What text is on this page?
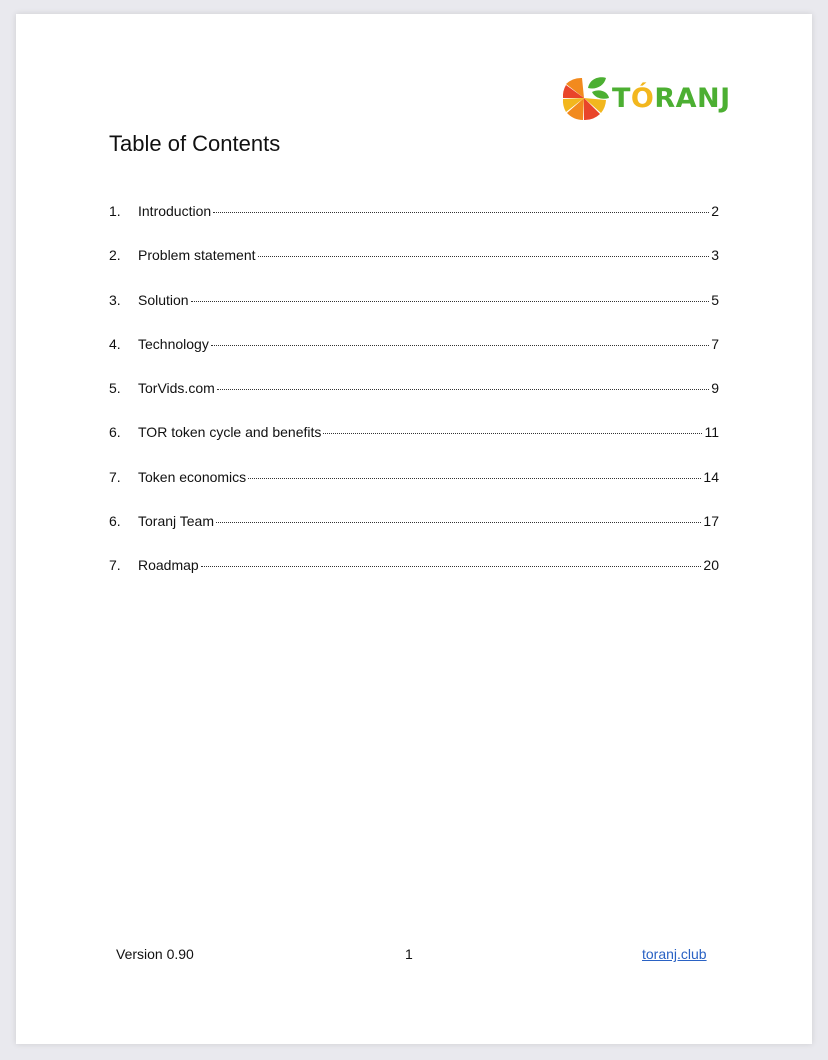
TÓRANJ
Table of Contents
1.	Introduction	2
2.	Problem statement	3
3.	Solution	5
4.	Technology	7
5.	TorVids.com	9
6.	TOR token cycle and benefits	11
7.	Token economics	14
6.	Toranj Team	17
7.	Roadmap	20
Version 0.90	1	toranj.club
